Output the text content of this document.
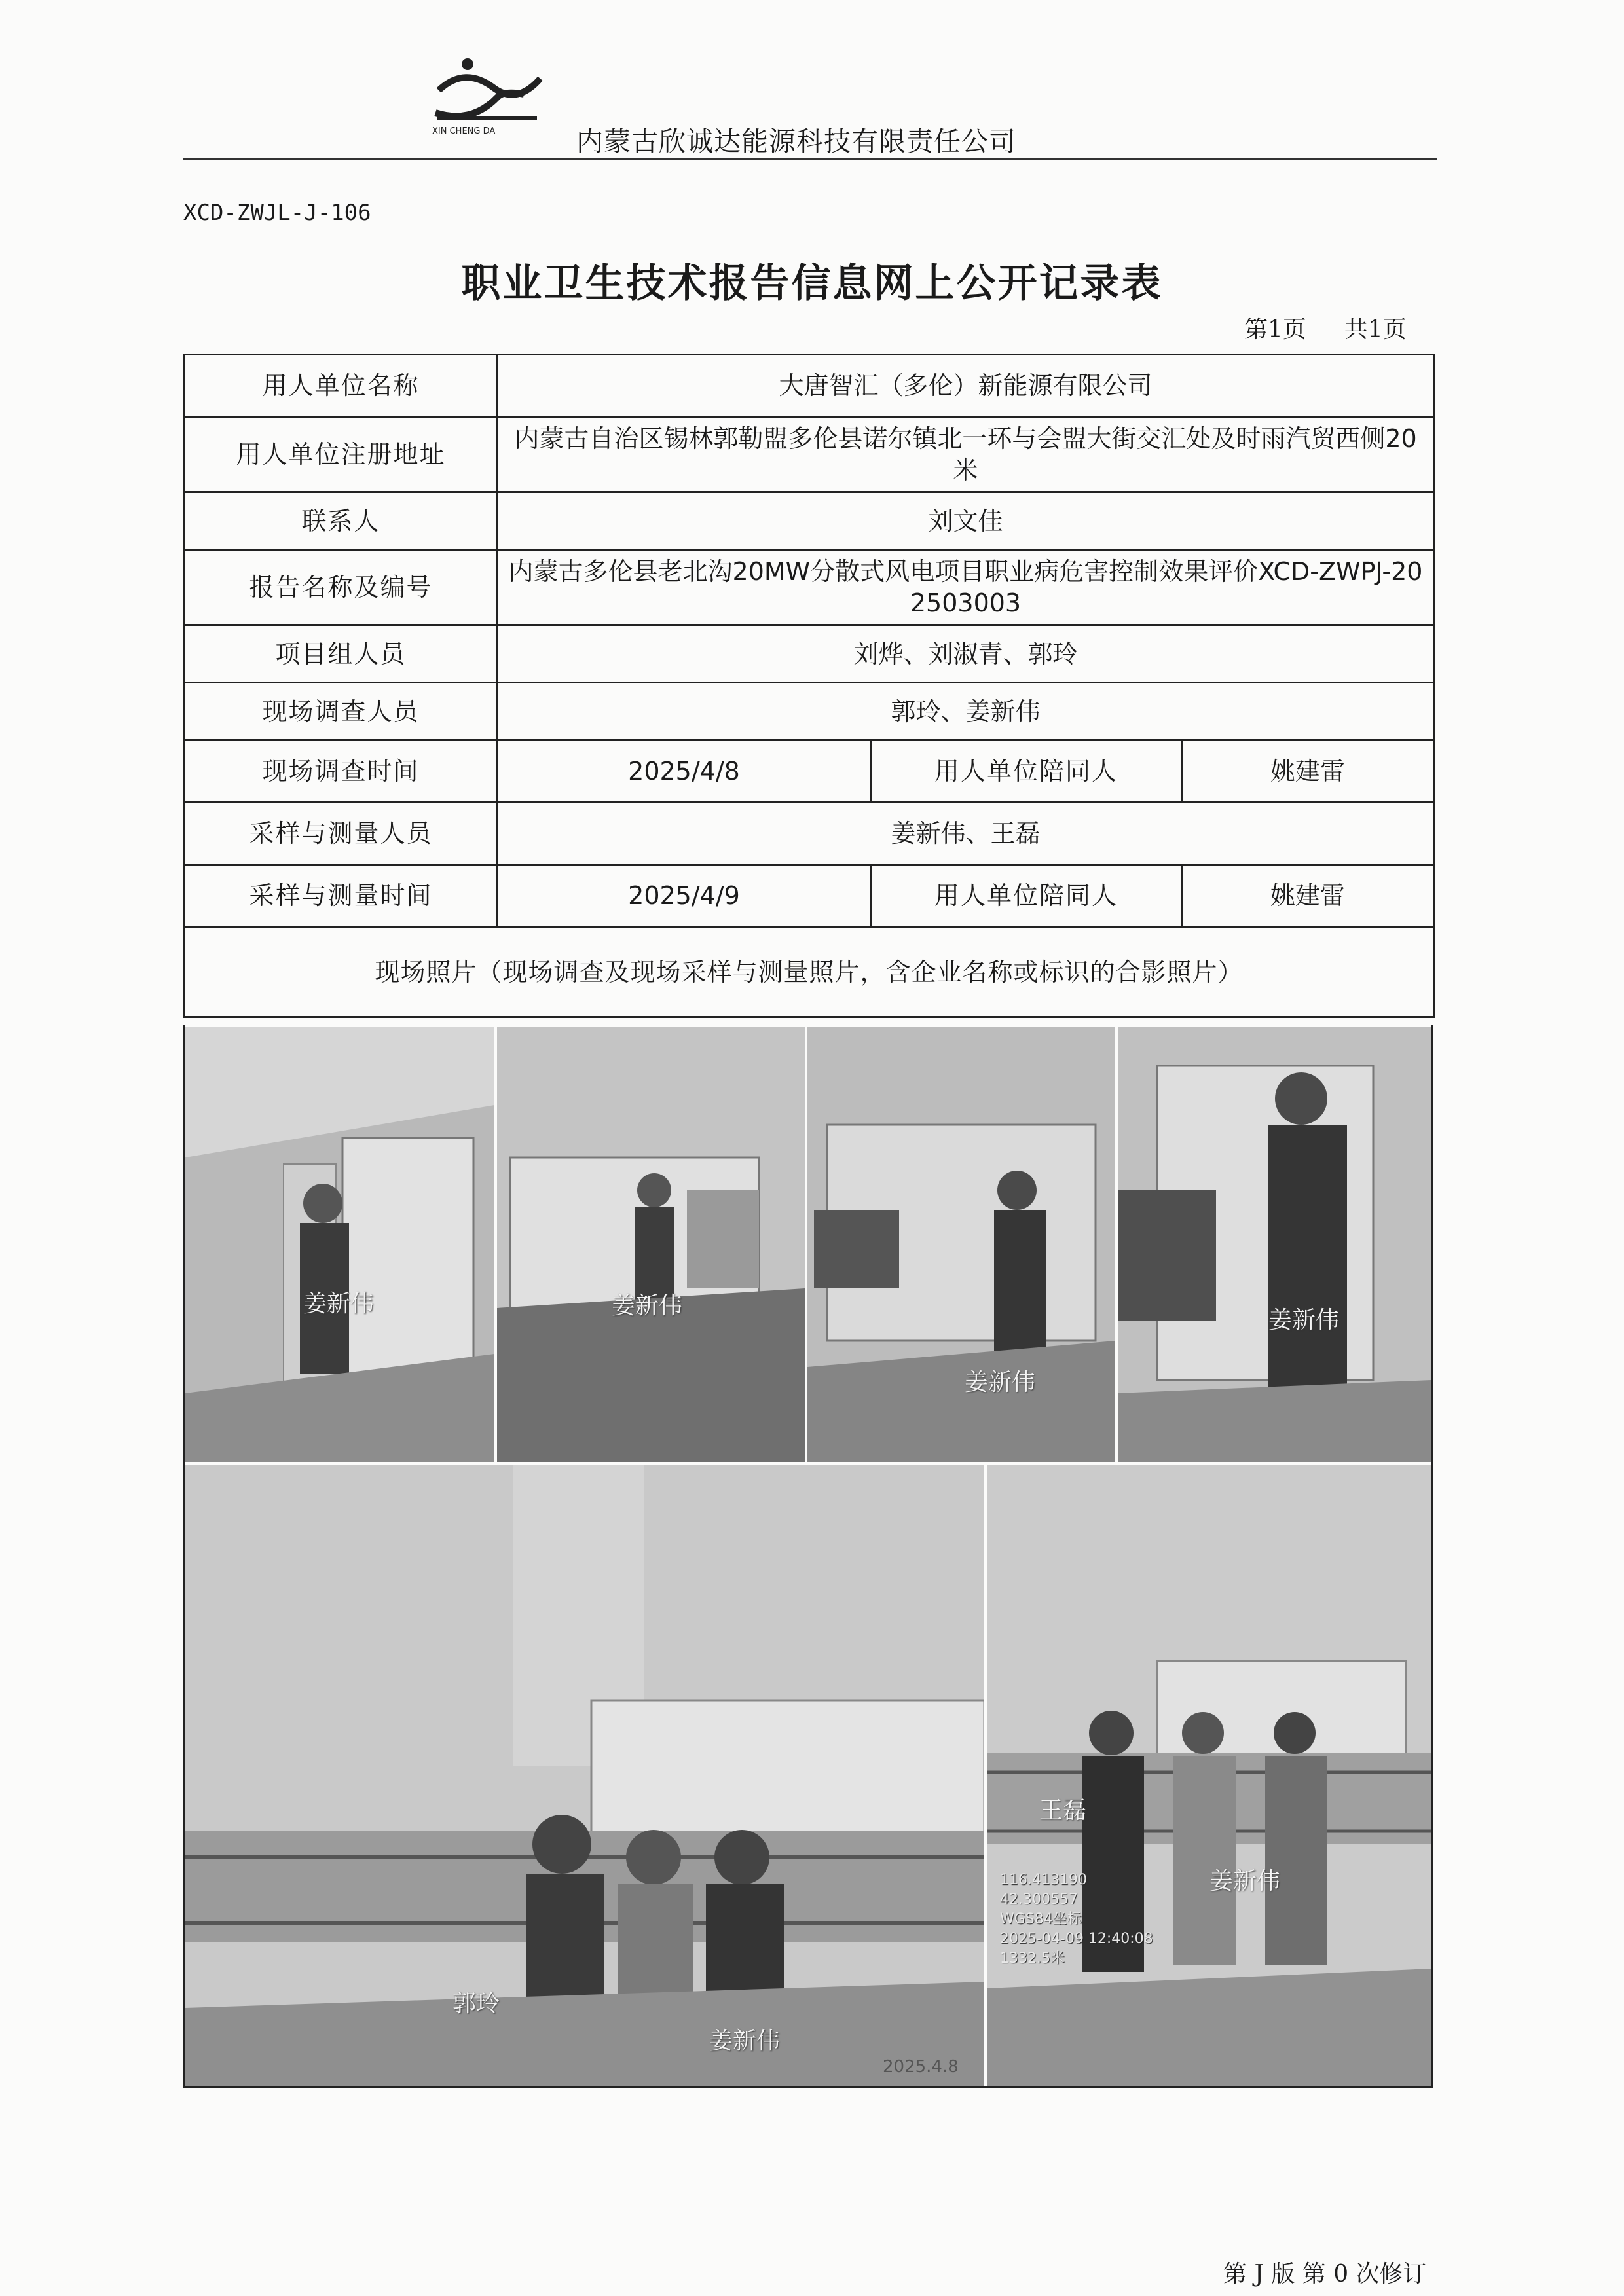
XIN CHENG DA	内蒙古欣诚达能源科技有限责任公司
XCD-ZWJL-J-106
职业卫生技术报告信息网上公开记录表
第1页 共1页
用人单位名称	大唐智汇（多伦）新能源有限公司		
用人单位注册地址	内蒙古自治区锡林郭勒盟多伦县诺尔镇北一环与会盟大街交汇处及时雨汽贸西侧20米		
联系人	刘文佳		
报告名称及编号	内蒙古多伦县老北沟20MW分散式风电项目职业病危害控制效果评价XCD-ZWPJ-202503003		
项目组人员	刘烨、刘淑青、郭玲		
现场调查人员	郭玲、姜新伟		
现场调查时间	2025/4/8	用人单位陪同人	姚建雷
采样与测量人员	姜新伟、王磊		
采样与测量时间	2025/4/9	用人单位陪同人	姚建雷
现场照片（现场调查及现场采样与测量照片，含企业名称或标识的合影照片）			
姜新伟	姜新伟
姜新伟
姜新伟
郭玲
姜新伟
2025.4.8
王磊
姜新伟
116.413190
42.300557
WGS84坐标
2025-04-09 12:40:08
1332.5米
第 J 版 第 0 次修订
